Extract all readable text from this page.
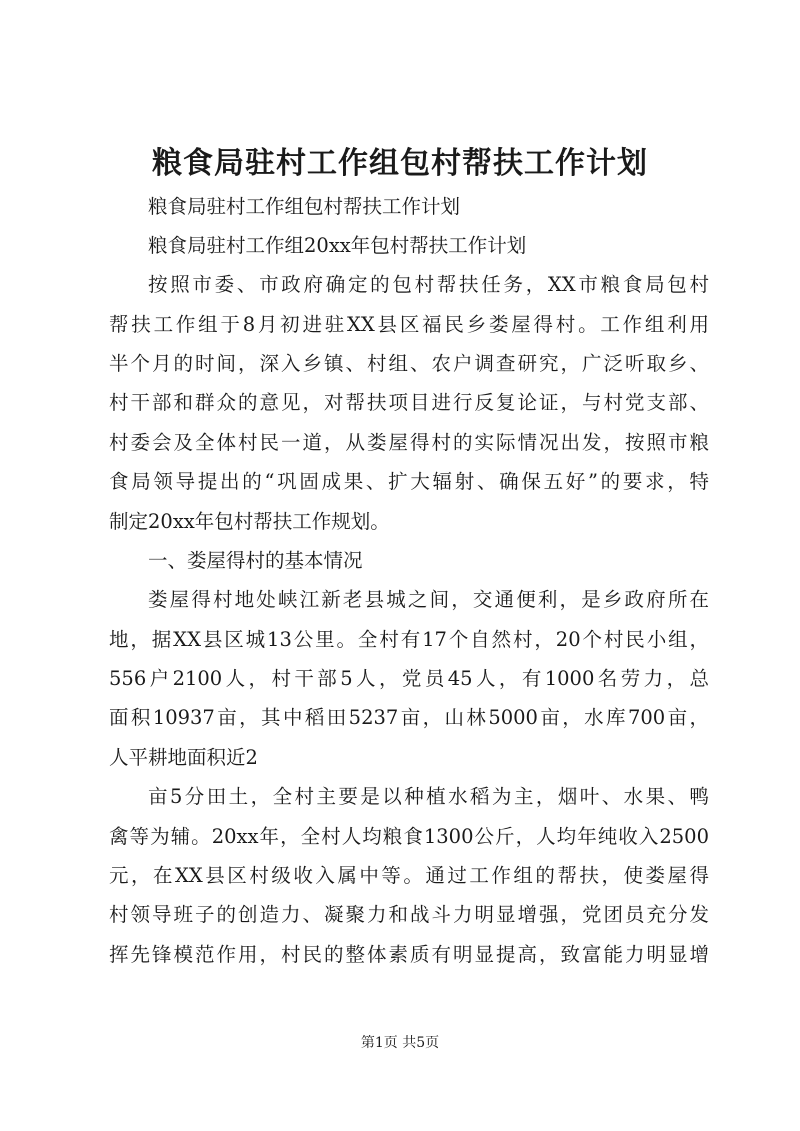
粮食局驻村工作组包村帮扶工作计划
粮食局驻村工作组包村帮扶工作计划
粮食局驻村工作组20xx年包村帮扶工作计划
按照市委、市政府确定的包村帮扶任务，XX市粮食局包村
帮扶工作组于8月初进驻XX县区福民乡娄屋得村。工作组利用
半个月的时间，深入乡镇、村组、农户调查研究，广泛听取乡、
村干部和群众的意见，对帮扶项目进行反复论证，与村党支部、
村委会及全体村民一道，从娄屋得村的实际情况出发，按照市粮
食局领导提出的“巩固成果、扩大辐射、确保五好”的要求，特
制定20xx年包村帮扶工作规划。
一、娄屋得村的基本情况
娄屋得村地处峡江新老县城之间，交通便利，是乡政府所在
地，据XX县区城13公里。全村有17个自然村，20个村民小组，
556户2100人，村干部5人，党员45人，有1000名劳力，总
面积10937亩，其中稻田5237亩，山林5000亩，水库700亩，
人平耕地面积近2
亩5分田土，全村主要是以种植水稻为主，烟叶、水果、鸭
禽等为辅。20xx年，全村人均粮食1300公斤，人均年纯收入2500
元，在XX县区村级收入属中等。通过工作组的帮扶，使娄屋得
村领导班子的创造力、凝聚力和战斗力明显增强，党团员充分发
挥先锋模范作用，村民的整体素质有明显提高，致富能力明显增
第1页 共5页
